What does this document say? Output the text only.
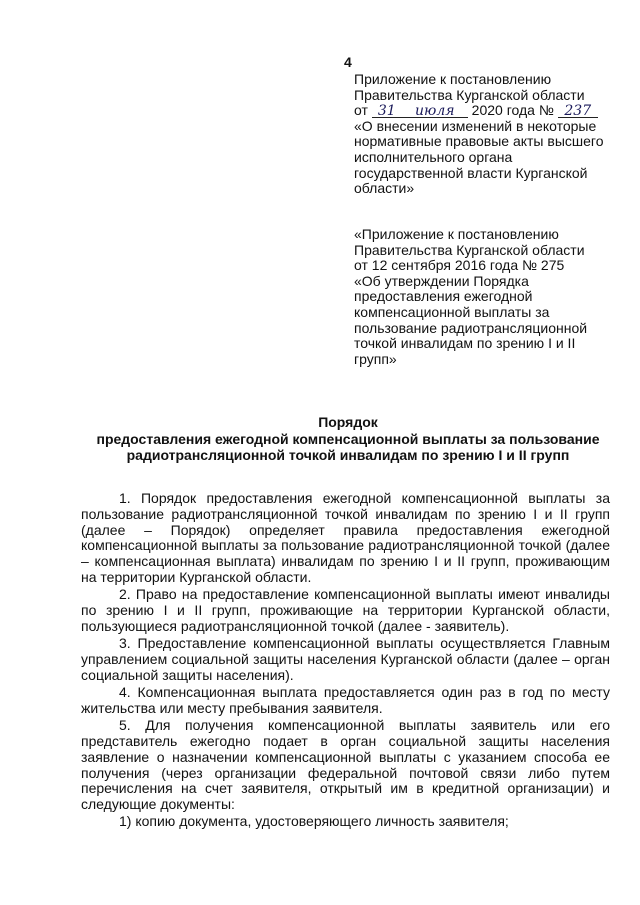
4

Приложение к постановлению

Правительства Курганской области

от 31 июля 2020 года № 237

«О внесении изменений в некоторые

нормативные правовые акты высшего

исполнительного органа

государственной власти Курганской

области»

«Приложение к постановлению

Правительства Курганской области

от 12 сентября 2016 года № 275

«Об утверждении Порядка

предоставления ежегодной

компенсационной выплаты за

пользование радиотрансляционной

точкой инвалидам по зрению I и II

групп»

Порядок

предоставления ежегодной компенсационной выплаты за пользование

радиотрансляционной точкой инвалидам по зрению I и II групп

1. Порядок предоставления ежегодной компенсационной выплаты за пользование радиотрансляционной точкой инвалидам по зрению I и II групп (далее – Порядок) определяет правила предоставления ежегодной компенсационной выплаты за пользование радиотрансляционной точкой (далее – компенсационная выплата) инвалидам по зрению I и II групп, проживающим на территории Курганской области.

2. Право на предоставление компенсационной выплаты имеют инвалиды по зрению I и II групп, проживающие на территории Курганской области, пользующиеся радиотрансляционной точкой (далее - заявитель).

3. Предоставление компенсационной выплаты осуществляется Главным управлением социальной защиты населения Курганской области (далее – орган социальной защиты населения).

4. Компенсационная выплата предоставляется один раз в год по месту жительства или месту пребывания заявителя.

5. Для получения компенсационной выплаты заявитель или его представитель ежегодно подает в орган социальной защиты населения заявление о назначении компенсационной выплаты с указанием способа ее получения (через организации федеральной почтовой связи либо путем перечисления на счет заявителя, открытый им в кредитной организации) и следующие документы:

1) копию документа, удостоверяющего личность заявителя;
